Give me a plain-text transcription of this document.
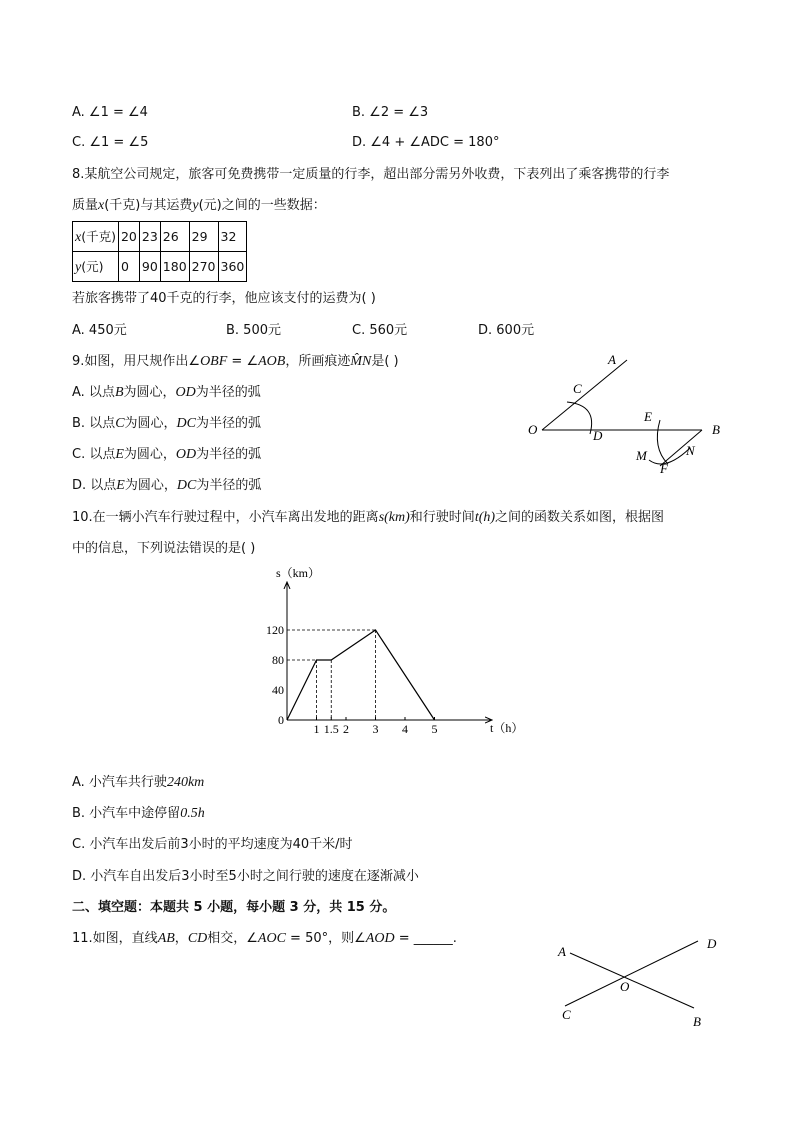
A. ∠1 = ∠4	B. ∠2 = ∠3
C. ∠1 = ∠5	D. ∠4 + ∠ADC = 180°
8.某航空公司规定，旅客可免费携带一定质量的行李，超出部分需另外收费，下表列出了乘客携带的行李
质量x(千克)与其运费y(元)之间的一些数据：
x(千克)	20	23	26	29	32
y(元)	0	90	180	270	360
若旅客携带了40千克的行李，他应该支付的运费为( )
A. 450元	B. 500元	C. 560元	D. 600元
9.如图，用尺规作出∠OBF = ∠AOB，所画痕迹M̂N是( )
A. 以点B为圆心，OD为半径的弧
B. 以点C为圆心，DC为半径的弧
C. 以点E为圆心，OD为半径的弧
D. 以点E为圆心，DC为半径的弧
A
C
O	D
E
B
M	N
F
10.在一辆小汽车行驶过程中，小汽车离出发地的距离s(km)和行驶时间t(h)之间的函数关系如图，根据图
中的信息，下列说法错误的是( )
s（km）
t（h）
1 1.5 2 3 4 5
0
40
80
120
A. 小汽车共行驶240km
B. 小汽车中途停留0.5h
C. 小汽车出发后前3小时的平均速度为40千米/时
D. 小汽车自出发后3小时至5小时之间行驶的速度在逐渐减小
二、填空题：本题共 5 小题，每小题 3 分，共 15 分。
11.如图，直线AB，CD相交，∠AOC = 50°，则∠AOD = ______.
A
D
O
C	B
